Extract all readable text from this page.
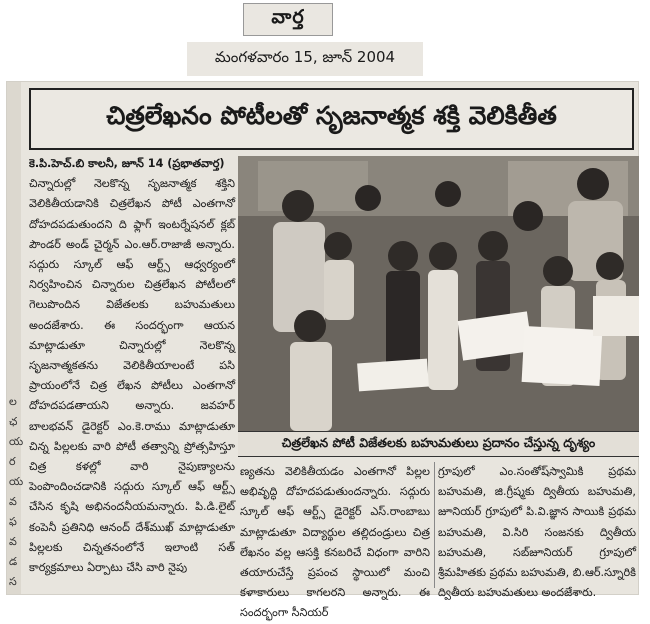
వార్త
మంగళవారం 15, జూన్ 2004
ల
ఛ
య
ర
య
వ
ఫ
వ
డ
స
చిత్రలేఖనం పోటీలతో సృజనాత్మక శక్తి వెలికితీత

కె.పి.హెచ్.బి కాలనీ, జూన్ 14 (ప్రభాతవార్త)

చిన్నారుల్లో నెలకొన్న సృజనాత్మక శక్తిని వెలికితీయడానికి చిత్రలేఖన పోటీ ఎంతగానో దోహదపడుతుందని ది ఫ్లాగ్ ఇంటర్నేషనల్ క్లబ్ పౌండర్ అండ్ చైర్మన్ ఎం.ఆర్.రాజాజీ అన్నారు. సద్గురు స్కూల్ ఆఫ్ ఆర్ట్స్ ఆధ్వర్యంలో నిర్వహించిన చిన్నారుల చిత్రలేఖన పోటీలలో గెలుపొందిన విజేతలకు బహుమతులు అందజేశారు. ఈ సందర్భంగా ఆయన మాట్లాడుతూ చిన్నారుల్లో నెలకొన్న సృజనాత్మకతను వెలికితీయాలంటే పసి ప్రాయంలోనే చిత్ర లేఖన పోటీలు ఎంతగానో దోహదపడతాయని అన్నారు. జవహర్ బాలభవన్ డైరెక్టర్ ఎం.కె.రాము మాట్లాడుతూ చిన్న పిల్లలకు వారి పోటీ తత్వాన్ని ప్రోత్సహిస్తూ చిత్ర కళల్లో వారి నైపుణ్యాలను పెంపొందించడానికి సద్గురు స్కూల్ ఆఫ్ ఆర్ట్స్ చేసిన కృషి అభినందనీయమన్నారు. పి.డి.లైట్ కంపెనీ ప్రతినిధి ఆనంద్ దేశ్‌ముఖ్ మాట్లాడుతూ పిల్లలకు చిన్నతనంలోనే ఇలాంటి సత్ కార్యక్రమాలు ఏర్పాటు చేసి వారి నైపు

చిత్రలేఖన పోటీ విజేతలకు బహుమతులు ప్రదానం చేస్తున్న దృశ్యం
ణ్యతను వెలికితీయడం ఎంతగానో పిల్లల అభివృద్ధి దోహదపడుతుందన్నారు. సద్గురు స్కూల్ ఆఫ్ ఆర్ట్స్ డైరెక్టర్ ఎస్.రాంబాబు మాట్లాడుతూ విద్యార్థుల తల్లిదండ్రులు చిత్ర లేఖనం వల్ల ఆసక్తి కనబరిచే విధంగా వారిని తయారుచేస్తే ప్రపంచ స్థాయిలో మంచి కళాకారులు కాగలరని అన్నారు. ఈ సందర్భంగా సీనియర్
గ్రూపులో ఎం.సంతోష్‌స్వామికి ప్రథమ బహుమతి, జి.గ్రీష్మకు ద్వితీయ బహుమతి, జూనియర్ గ్రూపులో పి.వి.జ్ఞాన సాయికి ప్రథమ బహుమతి, వి.సిరి సంజనకు ద్వితీయ బహుమతి, సబ్‌జూనియర్ గ్రూపులో శ్రీమహితకు ప్రథమ బహుమతి, బి.ఆర్.స్నూరికి ద్వితీయ బహుమతులు అందజేశారు.
